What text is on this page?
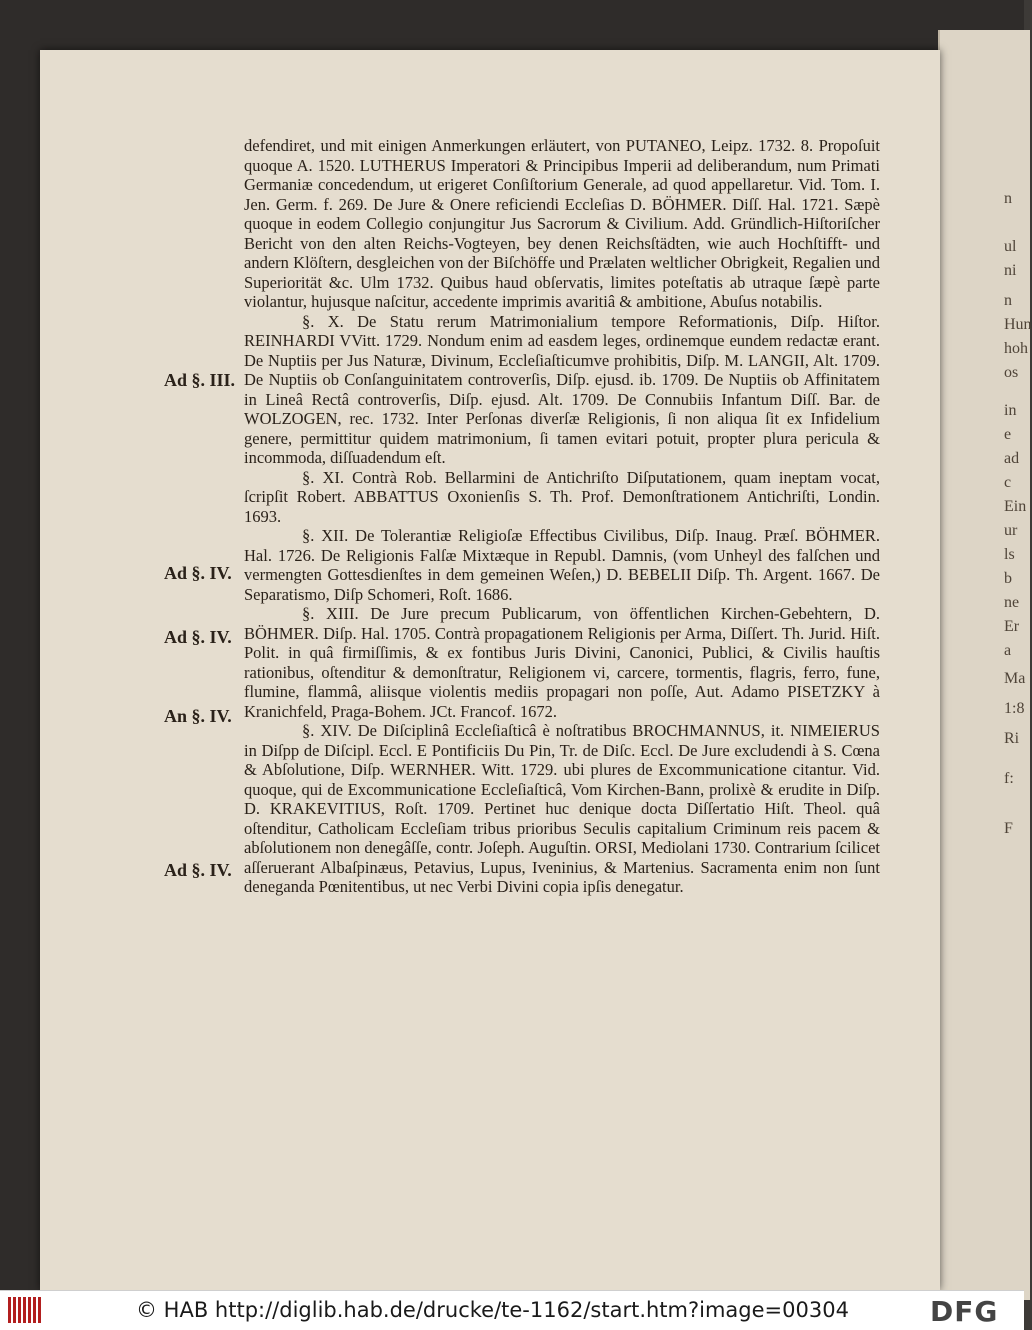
n
ul
ni
n
Hun
hoh
os
in
e
ad
c
Ein
ur
ls
b
ne
Er
a
Ma
1:8
Ri
f:
F
Ad §. III.
Ad §. IV.
Ad §. IV.
An §. IV.
Ad §. IV.

defendiret, und mit einigen Anmerkungen erläutert, von PUTANEO, Leipz. 1732. 8. Propoſuit quoque A. 1520. LUTHERUS Imperatori & Principibus Imperii ad deliberandum, num Primati Germaniæ concedendum, ut erigeret Conſiſtorium Generale, ad quod appellaretur. Vid. Tom. I. Jen. Germ. f. 269. De Jure & Onere reficiendi Eccleſias D. BÖHMER. Diſſ. Hal. 1721. Sæpè quoque in eodem Collegio conjungitur Jus Sacrorum & Civilium. Add. Gründlich-Hiſtoriſcher Bericht von den alten Reichs-Vogteyen, bey denen Reichsſtädten, wie auch Hochſtifft- und andern Klöſtern, desgleichen von der Biſchöffe und Prælaten weltlicher Obrigkeit, Regalien und Superiorität &c. Ulm 1732. Quibus haud obſervatis, limites poteſtatis ab utraque ſæpè parte violantur, hujusque naſcitur, accedente imprimis avaritiâ & ambitione, Abuſus notabilis.

§. X. De Statu rerum Matrimonialium tempore Reformationis, Diſp. Hiſtor. REINHARDI VVitt. 1729. Nondum enim ad easdem leges, ordinemque eundem redactæ erant. De Nuptiis per Jus Naturæ, Divinum, Eccleſiaſticumve prohibitis, Diſp. M. LANGII, Alt. 1709. De Nuptiis ob Conſanguinitatem controverſis, Diſp. ejusd. ib. 1709. De Nuptiis ob Affinitatem in Lineâ Rectâ controverſis, Diſp. ejusd. Alt. 1709. De Connubiis Infantum Diſſ. Bar. de WOLZOGEN, rec. 1732. Inter Perſonas diverſæ Religionis, ſi non aliqua ſit ex Infidelium genere, permittitur quidem matrimonium, ſi tamen evitari potuit, propter plura pericula & incommoda, diſſuadendum eſt.

§. XI. Contrà Rob. Bellarmini de Antichriſto Diſputationem, quam ineptam vocat, ſcripſit Robert. ABBATTUS Oxonienſis S. Th. Prof. Demonſtrationem Antichriſti, Londin. 1693.

§. XII. De Tolerantiæ Religioſæ Effectibus Civilibus, Diſp. Inaug. Præſ. BÖHMER. Hal. 1726. De Religionis Falſæ Mixtæque in Republ. Damnis, (vom Unheyl des falſchen und vermengten Gottesdienſtes in dem gemeinen Weſen,) D. BEBELII Diſp. Th. Argent. 1667. De Separatismo, Diſp Schomeri, Roſt. 1686.

§. XIII. De Jure precum Publicarum, von öffentlichen Kirchen-Gebehtern, D. BÖHMER. Diſp. Hal. 1705. Contrà propagationem Religionis per Arma, Diſſert. Th. Jurid. Hiſt. Polit. in quâ firmiſſimis, & ex fontibus Juris Divini, Canonici, Publici, & Civilis hauſtis rationibus, oſtenditur & demonſtratur, Religionem vi, carcere, tormentis, flagris, ferro, fune, flumine, flammâ, aliisque violentis mediis propagari non poſſe, Aut. Adamo PISETZKY à Kranichfeld, Praga-Bohem. JCt. Francof. 1672.

§. XIV. De Diſciplinâ Eccleſiaſticâ è noſtratibus BROCHMANNUS, it. NIMEIERUS in Diſpp de Diſcipl. Eccl. E Pontificiis Du Pin, Tr. de Diſc. Eccl. De Jure excludendi à S. Cœna & Abſolutione, Diſp. WERNHER. Witt. 1729. ubi plures de Excommunicatione citantur. Vid. quoque, qui de Excommunicatione Eccleſiaſticâ, Vom Kirchen-Bann, prolixè & erudite in Diſp. D. KRAKEVITIUS, Roſt. 1709. Pertinet huc denique docta Diſſertatio Hiſt. Theol. quâ oſtenditur, Catholicam Eccleſiam tribus prioribus Seculis capitalium Criminum reis pacem & abſolutionem non denegâſſe, contr. Joſeph. Auguſtin. ORSI, Mediolani 1730. Contrarium ſcilicet aſſeruerant Albaſpinæus, Petavius, Lupus, Iveninius, & Martenius. Sacramenta enim non ſunt deneganda Pœnitentibus, ut nec Verbi Divini copia ipſis denegatur.

© HAB http://diglib.hab.de/drucke/te-1162/start.htm?image=00304	DFG
